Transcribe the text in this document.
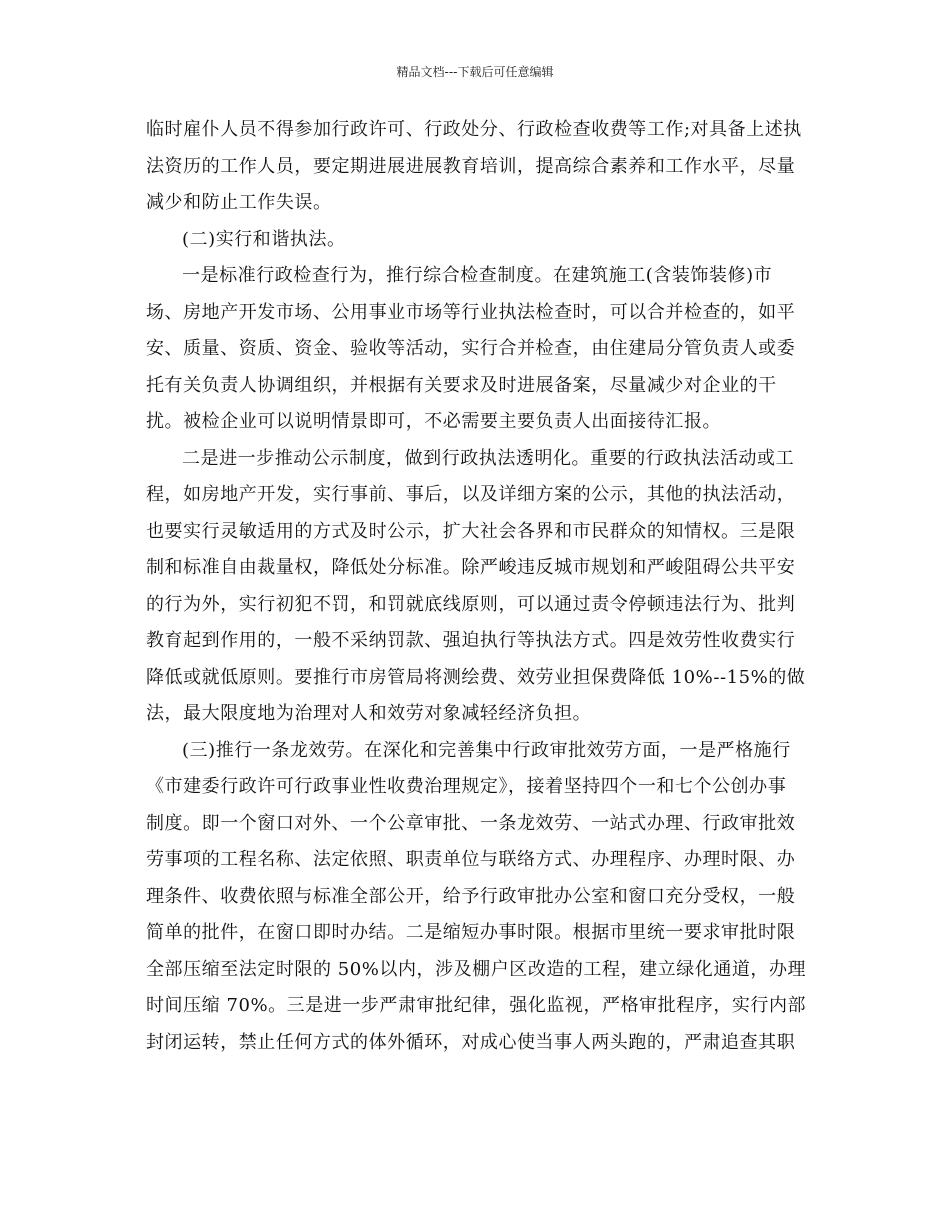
精品文档---下载后可任意编辑
临时雇仆人员不得参加行政许可、行政处分、行政检查收费等工作;对具备上述执
法资历的工作人员，要定期进展进展教育培训，提高综合素养和工作水平，尽量
减少和防止工作失误。
(二)实行和谐执法。
一是标准行政检查行为，推行综合检查制度。在建筑施工(含装饰装修)市
场、房地产开发市场、公用事业市场等行业执法检查时，可以合并检查的，如平
安、质量、资质、资金、验收等活动，实行合并检查，由住建局分管负责人或委
托有关负责人协调组织，并根据有关要求及时进展备案，尽量减少对企业的干
扰。被检企业可以说明情景即可，不必需要主要负责人出面接待汇报。
二是进一步推动公示制度，做到行政执法透明化。重要的行政执法活动或工
程，如房地产开发，实行事前、事后，以及详细方案的公示，其他的执法活动，
也要实行灵敏适用的方式及时公示，扩大社会各界和市民群众的知情权。三是限
制和标准自由裁量权，降低处分标准。除严峻违反城市规划和严峻阻碍公共平安
的行为外，实行初犯不罚，和罚就底线原则，可以通过责令停顿违法行为、批判
教育起到作用的，一般不采纳罚款、强迫执行等执法方式。四是效劳性收费实行
降低或就低原则。要推行市房管局将测绘费、效劳业担保费降低 10%--15%的做
法，最大限度地为治理对人和效劳对象减轻经济负担。
(三)推行一条龙效劳。在深化和完善集中行政审批效劳方面，一是严格施行
《市建委行政许可行政事业性收费治理规定》，接着坚持四个一和七个公创办事
制度。即一个窗口对外、一个公章审批、一条龙效劳、一站式办理、行政审批效
劳事项的工程名称、法定依照、职责单位与联络方式、办理程序、办理时限、办
理条件、收费依照与标准全部公开，给予行政审批办公室和窗口充分受权，一般
简单的批件，在窗口即时办结。二是缩短办事时限。根据市里统一要求审批时限
全部压缩至法定时限的 50%以内，涉及棚户区改造的工程，建立绿化通道，办理
时间压缩 70%。三是进一步严肃审批纪律，强化监视，严格审批程序，实行内部
封闭运转，禁止任何方式的体外循环，对成心使当事人两头跑的，严肃追查其职
